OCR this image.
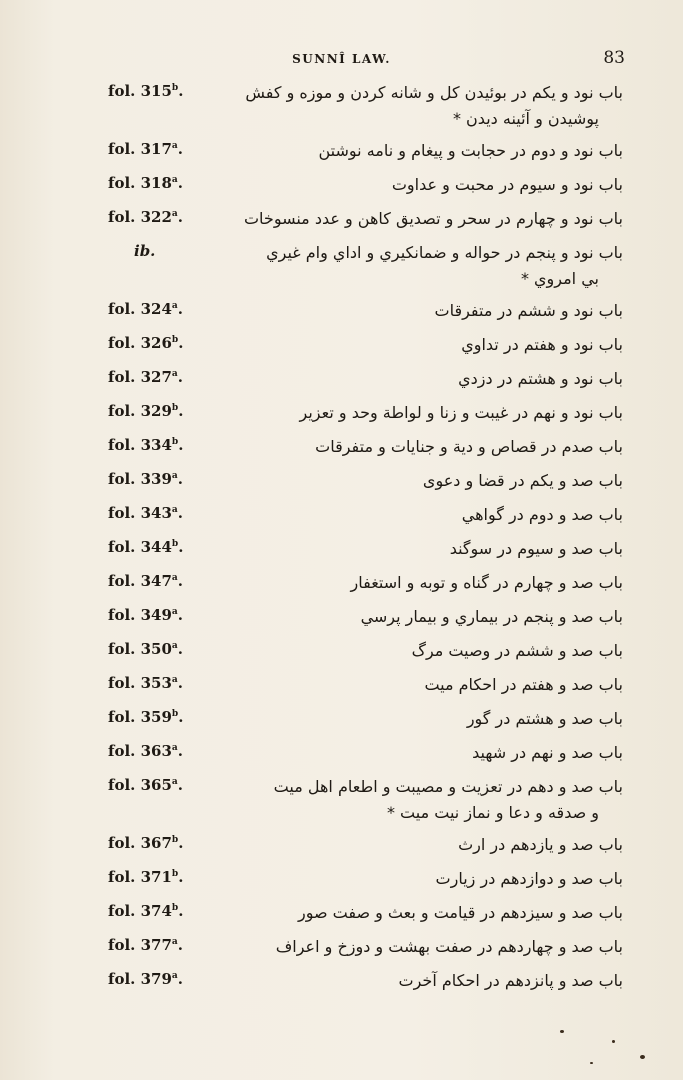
SUNNÎ LAW.	83
fol. 315$^b$.	باب نود و يكم در بوئيدن كل و شانه كردن و موزه و كفش
پوشيدن و آئينه ديدن *
fol. 317$^a$.	باب نود و دوم در حجابت و پيغام و نامه نوشتن
fol. 318$^a$.	باب نود و سيوم در محبت و عداوت
fol. 322$^a$.	باب نود و چهارم در سحر و تصديق كاهن و عدد منسوخات
ib.	باب نود و پنجم در حواله و ضمانكيري و اداي وام غيري
بي امروي *
fol. 324$^a$.	باب نود و ششم در متفرقات
fol. 326$^b$.	باب نود و هفتم در تداوي
fol. 327$^a$.	باب نود و هشتم در دزدي
fol. 329$^b$.	باب نود و نهم در غيبت و زنا و لواطة وحد و تعزير
fol. 334$^b$.	باب صدم در قصاص و دية و جنايات و متفرقات
fol. 339$^a$.	باب صد و يكم در قضا و دعوى
fol. 343$^a$.	باب صد و دوم در گواهي
fol. 344$^b$.	باب صد و سيوم در سوگند
fol. 347$^a$.	باب صد و چهارم در گناه و توبه و استغفار
fol. 349$^a$.	باب صد و پنجم در بيماري و بيمار پرسي
fol. 350$^a$.	باب صد و ششم در وصيت مرگ
fol. 353$^a$.	باب صد و هفتم در احكام ميت
fol. 359$^b$.	باب صد و هشتم در گور
fol. 363$^a$.	باب صد و نهم در شهيد
fol. 365$^a$.	باب صد و دهم در تعزيت و مصيبت و اطعام اهل ميت
و صدقه و دعا و نماز نيت ميت *
fol. 367$^b$.	باب صد و يازدهم در ارث
fol. 371$^b$.	باب صد و دوازدهم در زيارت
fol. 374$^b$.	باب صد و سيزدهم در قيامت و بعث و صفت صور
fol. 377$^a$.	باب صد و چهاردهم در صفت بهشت و دوزخ و اعراف
fol. 379$^a$.	باب صد و پانزدهم در احكام آخرت
